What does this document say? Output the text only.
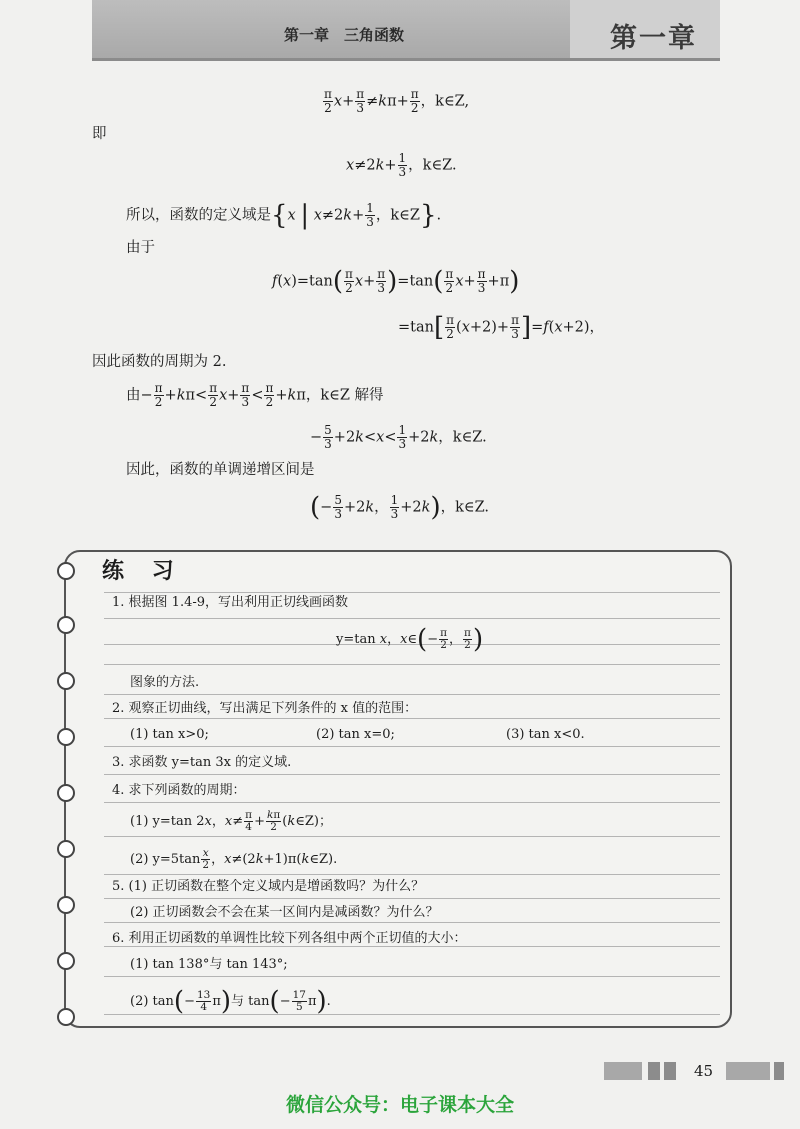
第一章　三角函数	第一章
$\frac{\pi}{2} x+ \frac{\pi}{3} \ne k\pi+ \frac{\pi}{2}$ ，k∈Z,
即
$x\ne 2k+ \frac{1}{3}$ ，k∈Z.
所以，函数的定义域是{x | $x\ne 2k+ \frac{1}{3}$ ，k∈Z}.
由于
$f(x)=\tan( \frac{\pi}{2} x+ \frac{\pi}{3} )=\tan( \frac{\pi}{2} x+ \frac{\pi}{3} +\pi)$
$=\tan[ \frac{\pi}{2} (x+2)+ \frac{\pi}{3} ]=f(x+2)$，
因此函数的周期为 2.
由− $\frac{\pi}{2} +k\pi< \frac{\pi}{2} x+ \frac{\pi}{3} < \frac{\pi}{2} +k\pi$，k∈Z 解得
− $\frac{5}{3} +2k<x< \frac{1}{3} +2k$，k∈Z.
因此，函数的单调递增区间是
(− $\frac{5}{3} +2k$， $\frac{1}{3} +2k$)，k∈Z.
练 习
1. 根据图 1.4-9，写出利用正切线画函数
y=tan x，x∈(− $\frac{\pi}{2}$ ， $\frac{\pi}{2}$ )
图象的方法.
2. 观察正切曲线，写出满足下列条件的 x 值的范围：
(1) tan x>0;	(2) tan x=0;	(3) tan x<0.
3. 求函数 y=tan 3x 的定义域.
4. 求下列函数的周期：
(1) y=tan 2x，$x\ne \frac{\pi}{4} + \frac{k\pi}{2}$ (k∈Z)；
(2) $y=5\tan \frac{x}{2}$ ，x≠(2k+1)π(k∈Z).
5. (1) 正切函数在整个定义域内是增函数吗？为什么？
(2) 正切函数会不会在某一区间内是减函数？为什么？
6. 利用正切函数的单调性比较下列各组中两个正切值的大小：
(1) tan 138°与 tan 143°;
(2) $\tan(- \frac{13}{4} \pi)$与 $\tan(- \frac{17}{5} \pi)$.
45
微信公众号：电子课本大全
